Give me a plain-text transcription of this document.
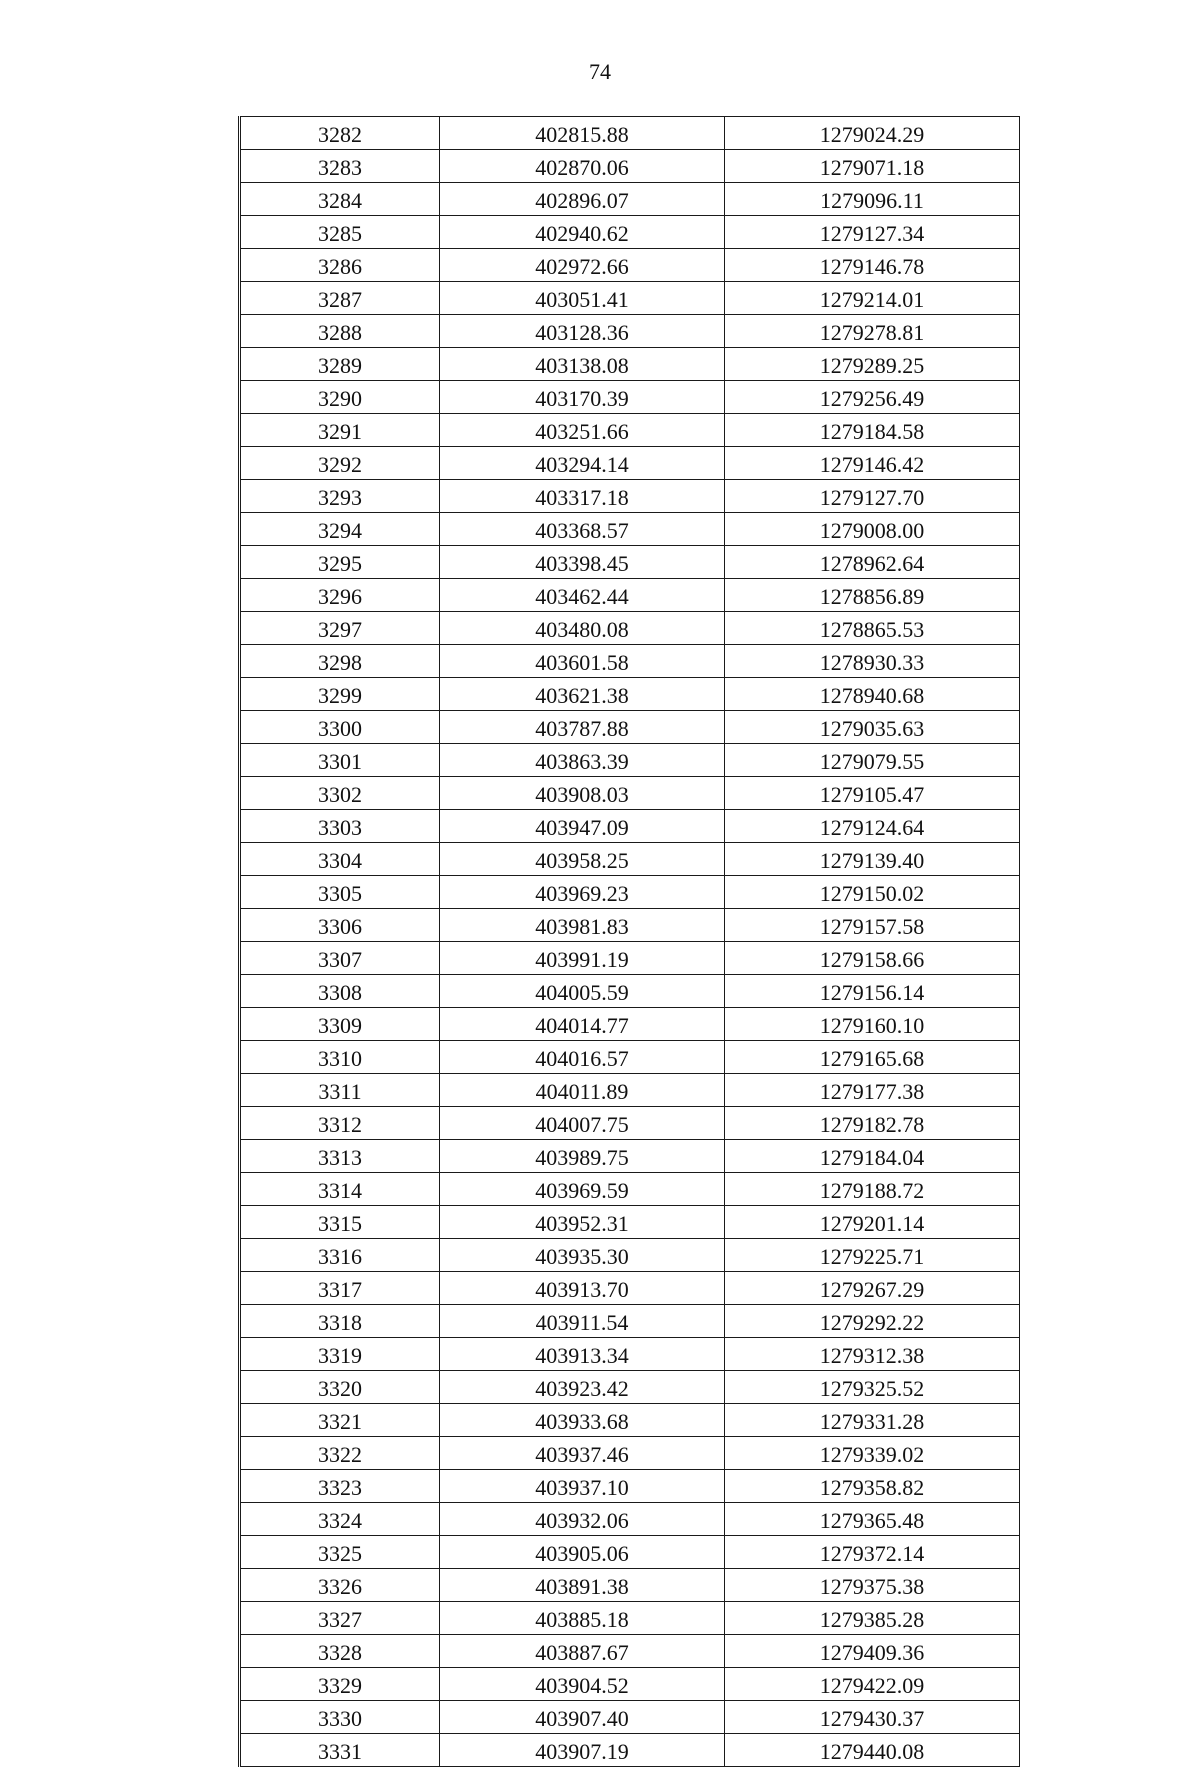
74
3282	402815.88	1279024.29
3283	402870.06	1279071.18
3284	402896.07	1279096.11
3285	402940.62	1279127.34
3286	402972.66	1279146.78
3287	403051.41	1279214.01
3288	403128.36	1279278.81
3289	403138.08	1279289.25
3290	403170.39	1279256.49
3291	403251.66	1279184.58
3292	403294.14	1279146.42
3293	403317.18	1279127.70
3294	403368.57	1279008.00
3295	403398.45	1278962.64
3296	403462.44	1278856.89
3297	403480.08	1278865.53
3298	403601.58	1278930.33
3299	403621.38	1278940.68
3300	403787.88	1279035.63
3301	403863.39	1279079.55
3302	403908.03	1279105.47
3303	403947.09	1279124.64
3304	403958.25	1279139.40
3305	403969.23	1279150.02
3306	403981.83	1279157.58
3307	403991.19	1279158.66
3308	404005.59	1279156.14
3309	404014.77	1279160.10
3310	404016.57	1279165.68
3311	404011.89	1279177.38
3312	404007.75	1279182.78
3313	403989.75	1279184.04
3314	403969.59	1279188.72
3315	403952.31	1279201.14
3316	403935.30	1279225.71
3317	403913.70	1279267.29
3318	403911.54	1279292.22
3319	403913.34	1279312.38
3320	403923.42	1279325.52
3321	403933.68	1279331.28
3322	403937.46	1279339.02
3323	403937.10	1279358.82
3324	403932.06	1279365.48
3325	403905.06	1279372.14
3326	403891.38	1279375.38
3327	403885.18	1279385.28
3328	403887.67	1279409.36
3329	403904.52	1279422.09
3330	403907.40	1279430.37
3331	403907.19	1279440.08
